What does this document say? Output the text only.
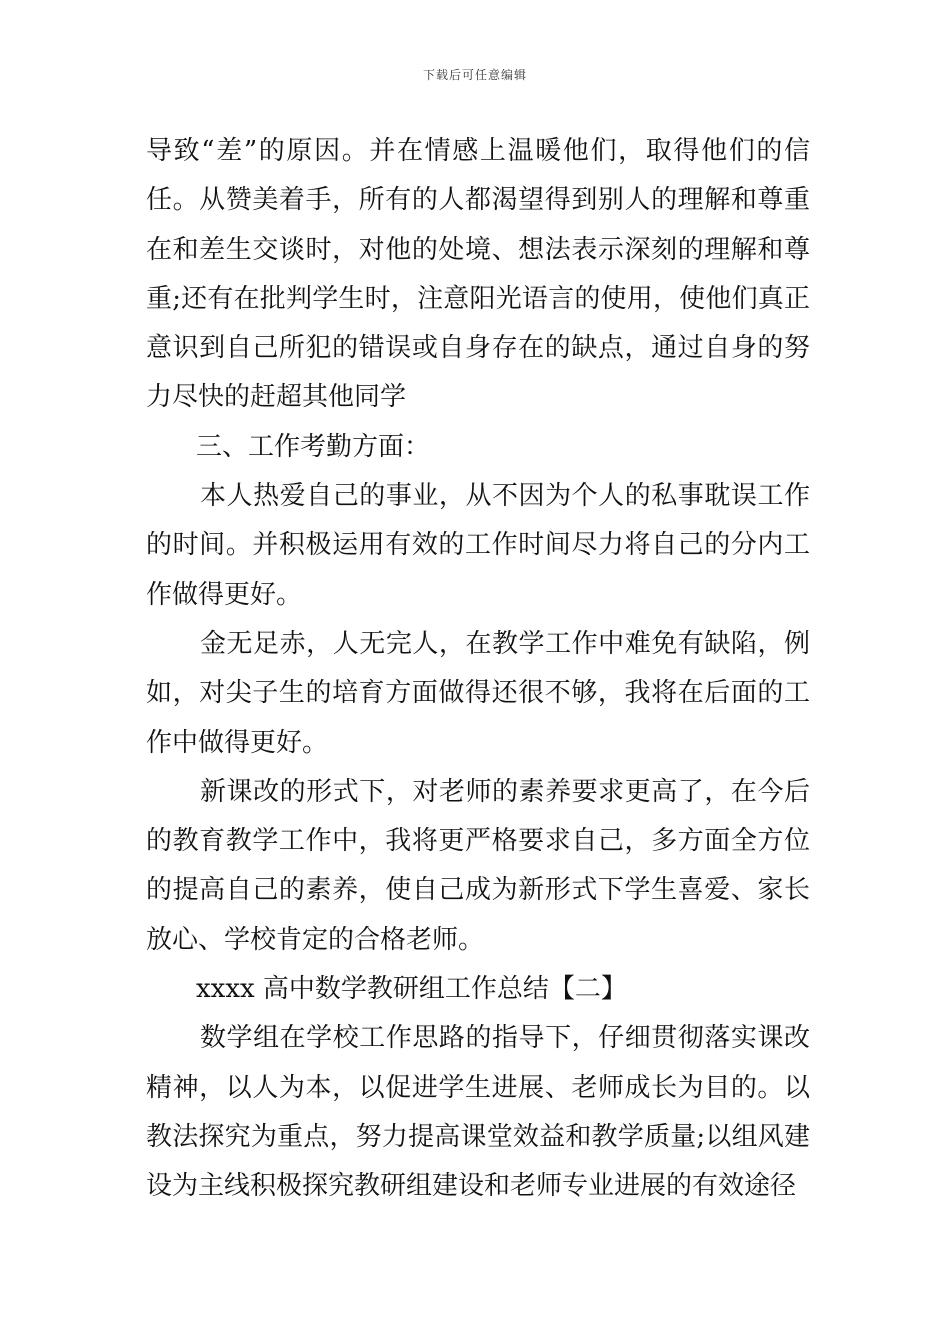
下载后可任意编辑

导致“差”的原因。并在情感上温暖他们，取得他们的信任。从赞美着手，所有的人都渴望得到别人的理解和尊重在和差生交谈时，对他的处境、想法表示深刻的理解和尊重;还有在批判学生时，注意阳光语言的使用，使他们真正意识到自己所犯的错误或自身存在的缺点，通过自身的努力尽快的赶超其他同学

三、工作考勤方面：

本人热爱自己的事业，从不因为个人的私事耽误工作的时间。并积极运用有效的工作时间尽力将自己的分内工作做得更好。

金无足赤，人无完人，在教学工作中难免有缺陷，例如，对尖子生的培育方面做得还很不够，我将在后面的工作中做得更好。

新课改的形式下，对老师的素养要求更高了，在今后的教育教学工作中，我将更严格要求自己，多方面全方位的提高自己的素养，使自己成为新形式下学生喜爱、家长放心、学校肯定的合格老师。

xxxx 高中数学教研组工作总结【二】

数学组在学校工作思路的指导下，仔细贯彻落实课改精神，以人为本，以促进学生进展、老师成长为目的。以教法探究为重点，努力提高课堂效益和教学质量;以组风建设为主线积极探究教研组建设和老师专业进展的有效途径
